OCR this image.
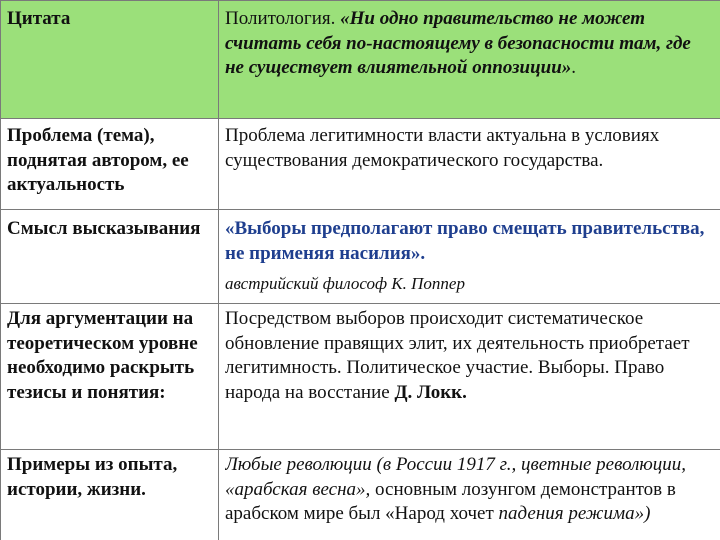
Цитата	Политология. «Ни одно правительство не может считать себя по-настоящему в безопасности там, где не существует влиятельной оппозиции».
Проблема (тема), поднятая автором, ее актуальность	Проблема легитимности власти актуальна в условиях существования демократического государства.
Смысл высказывания	«Выборы предполагают право смещать правительства, не применяя насилия».
австрийский философ К. Поппер

Для аргументации на теоретическом уровне необходимо раскрыть тезисы и понятия:	Посредством выборов происходит систематическое обновление правящих элит, их деятельность приобретает легитимность. Политическое участие. Выборы. Право народа на восстание Д. Локк.
Примеры из опыта, истории, жизни.	Любые революции (в России 1917 г., цветные революции, «арабская весна», основным лозунгом демонстрантов в арабском мире был «Народ хочет падения режима»)
